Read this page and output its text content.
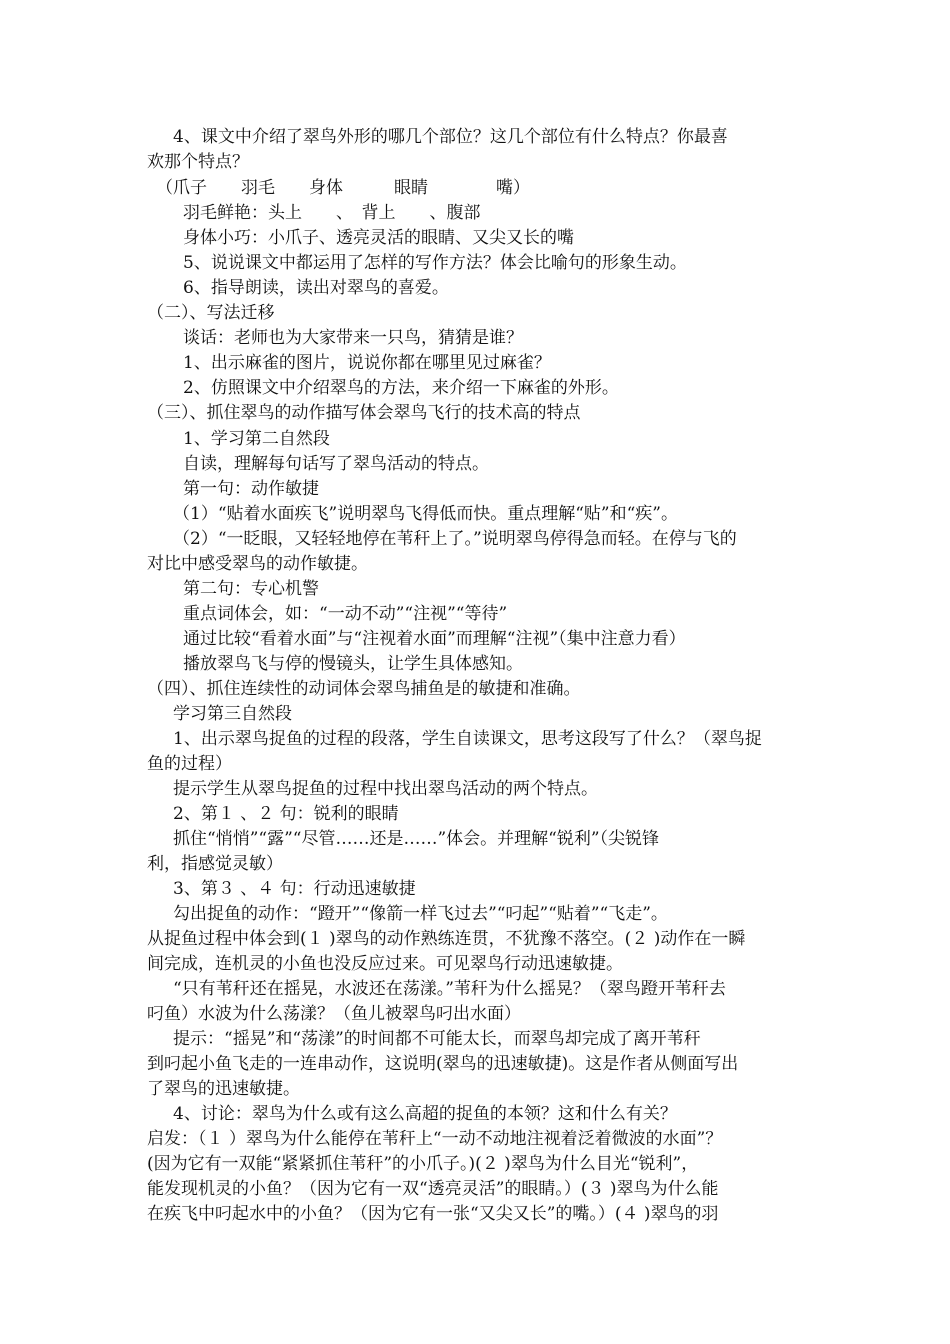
4、课文中介绍了翠鸟外形的哪几个部位？这几个部位有什么特点？你最喜
欢那个特点？
（爪子　　羽毛　　身体　　　眼睛　　　　嘴）
羽毛鲜艳：头上　　、　背上　　、腹部
身体小巧：小爪子、透亮灵活的眼睛、又尖又长的嘴
5、说说课文中都运用了怎样的写作方法？体会比喻句的形象生动。
6、指导朗读，读出对翠鸟的喜爱。
（二）、写法迁移
谈话：老师也为大家带来一只鸟，猜猜是谁？
1、出示麻雀的图片，说说你都在哪里见过麻雀？
2、仿照课文中介绍翠鸟的方法，来介绍一下麻雀的外形。
（三）、抓住翠鸟的动作描写体会翠鸟飞行的技术高的特点
1、学习第二自然段
自读，理解每句话写了翠鸟活动的特点。
第一句：动作敏捷
（1）“贴着水面疾飞”说明翠鸟飞得低而快。重点理解“贴”和“疾”。
（2）“一眨眼，又轻轻地停在苇秆上了。”说明翠鸟停得急而轻。在停与飞的
对比中感受翠鸟的动作敏捷。
第二句：专心机警
重点词体会，如：“一动不动”“注视”“等待”
通过比较“看着水面”与“注视着水面”而理解“注视”（集中注意力看）
播放翠鸟飞与停的慢镜头，让学生具体感知。
（四）、抓住连续性的动词体会翠鸟捕鱼是的敏捷和准确。
学习第三自然段
1、出示翠鸟捉鱼的过程的段落，学生自读课文，思考这段写了什么？（翠鸟捉
鱼的过程）
提示学生从翠鸟捉鱼的过程中找出翠鸟活动的两个特点。
2、第１ 、２ 句：锐利的眼睛
抓住“悄悄”“露”“尽管……还是……”体会。并理解“锐利”（尖锐锋
利，指感觉灵敏）
3、第３ 、４ 句：行动迅速敏捷
勾出捉鱼的动作：“蹬开”“像箭一样飞过去”“叼起”“贴着”“飞走”。
从捉鱼过程中体会到(１ )翠鸟的动作熟练连贯，不犹豫不落空。(２ )动作在一瞬
间完成，连机灵的小鱼也没反应过来。可见翠鸟行动迅速敏捷。
“只有苇秆还在摇晃，水波还在荡漾。”苇秆为什么摇晃？（翠鸟蹬开苇秆去
叼鱼）水波为什么荡漾？（鱼儿被翠鸟叼出水面）
提示：“摇晃”和“荡漾”的时间都不可能太长，而翠鸟却完成了离开苇秆
到叼起小鱼飞走的一连串动作，这说明(翠鸟的迅速敏捷)。这是作者从侧面写出
了翠鸟的迅速敏捷。
4、讨论：翠鸟为什么或有这么高超的捉鱼的本领？这和什么有关？
启发：（１ ）翠鸟为什么能停在苇秆上“一动不动地注视着泛着微波的水面”？
(因为它有一双能“紧紧抓住苇秆”的小爪子。)(２ )翠鸟为什么目光“锐利”，
能发现机灵的小鱼？（因为它有一双“透亮灵活”的眼睛。）(３ )翠鸟为什么能
在疾飞中叼起水中的小鱼？（因为它有一张“又尖又长”的嘴。）(４ )翠鸟的羽
